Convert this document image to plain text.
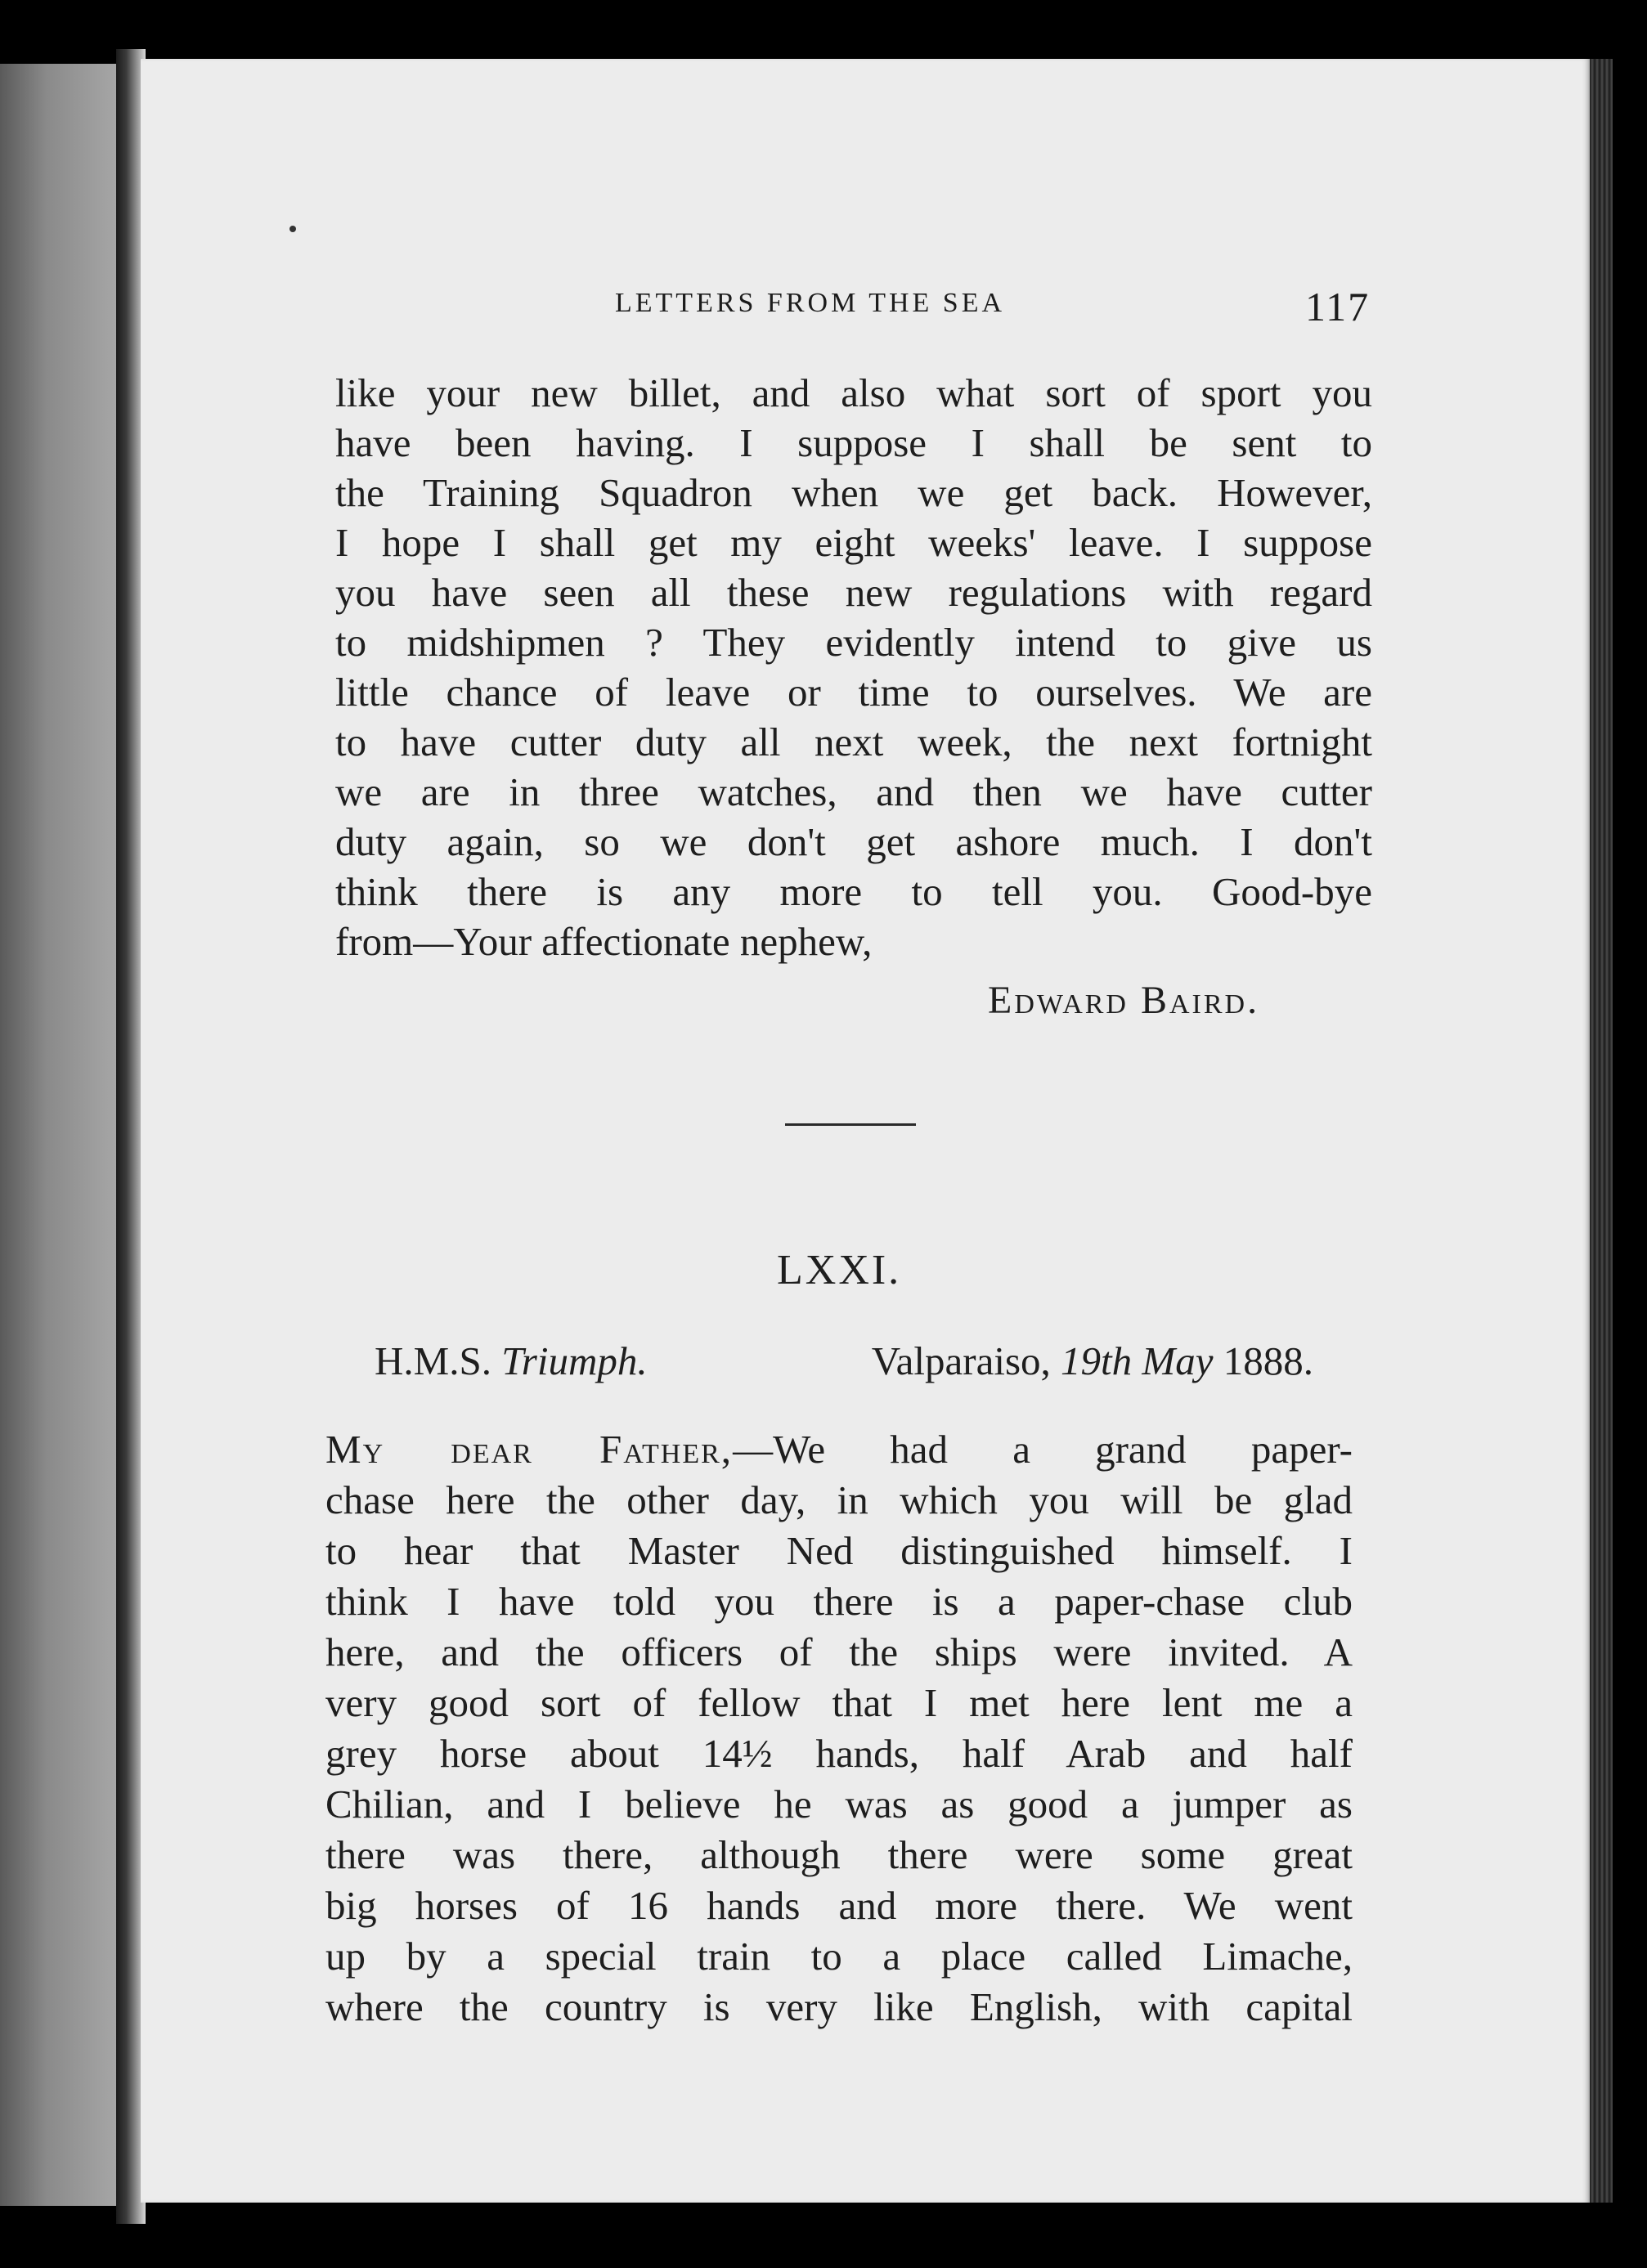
LETTERS FROM THE SEA	117
like your new billet, and also what sort of sport you
have been having. I suppose I shall be sent to
the Training Squadron when we get back. However,
I hope I shall get my eight weeks' leave. I suppose
you have seen all these new regulations with regard
to midshipmen ? They evidently intend to give us
little chance of leave or time to ourselves. We are
to have cutter duty all next week, the next fortnight
we are in three watches, and then we have cutter
duty again, so we don't get ashore much. I don't
think there is any more to tell you. Good-bye
from—Your affectionate nephew,
Edward Baird.
LXXI.
H.M.S. Triumph.	Valparaiso, 19th May 1888.
My dear Father,—We had a grand paper-
chase here the other day, in which you will be glad
to hear that Master Ned distinguished himself. I
think I have told you there is a paper-chase club
here, and the officers of the ships were invited. A
very good sort of fellow that I met here lent me a
grey horse about 14½ hands, half Arab and half
Chilian, and I believe he was as good a jumper as
there was there, although there were some great
big horses of 16 hands and more there. We went
up by a special train to a place called Limache,
where the country is very like English, with capital
